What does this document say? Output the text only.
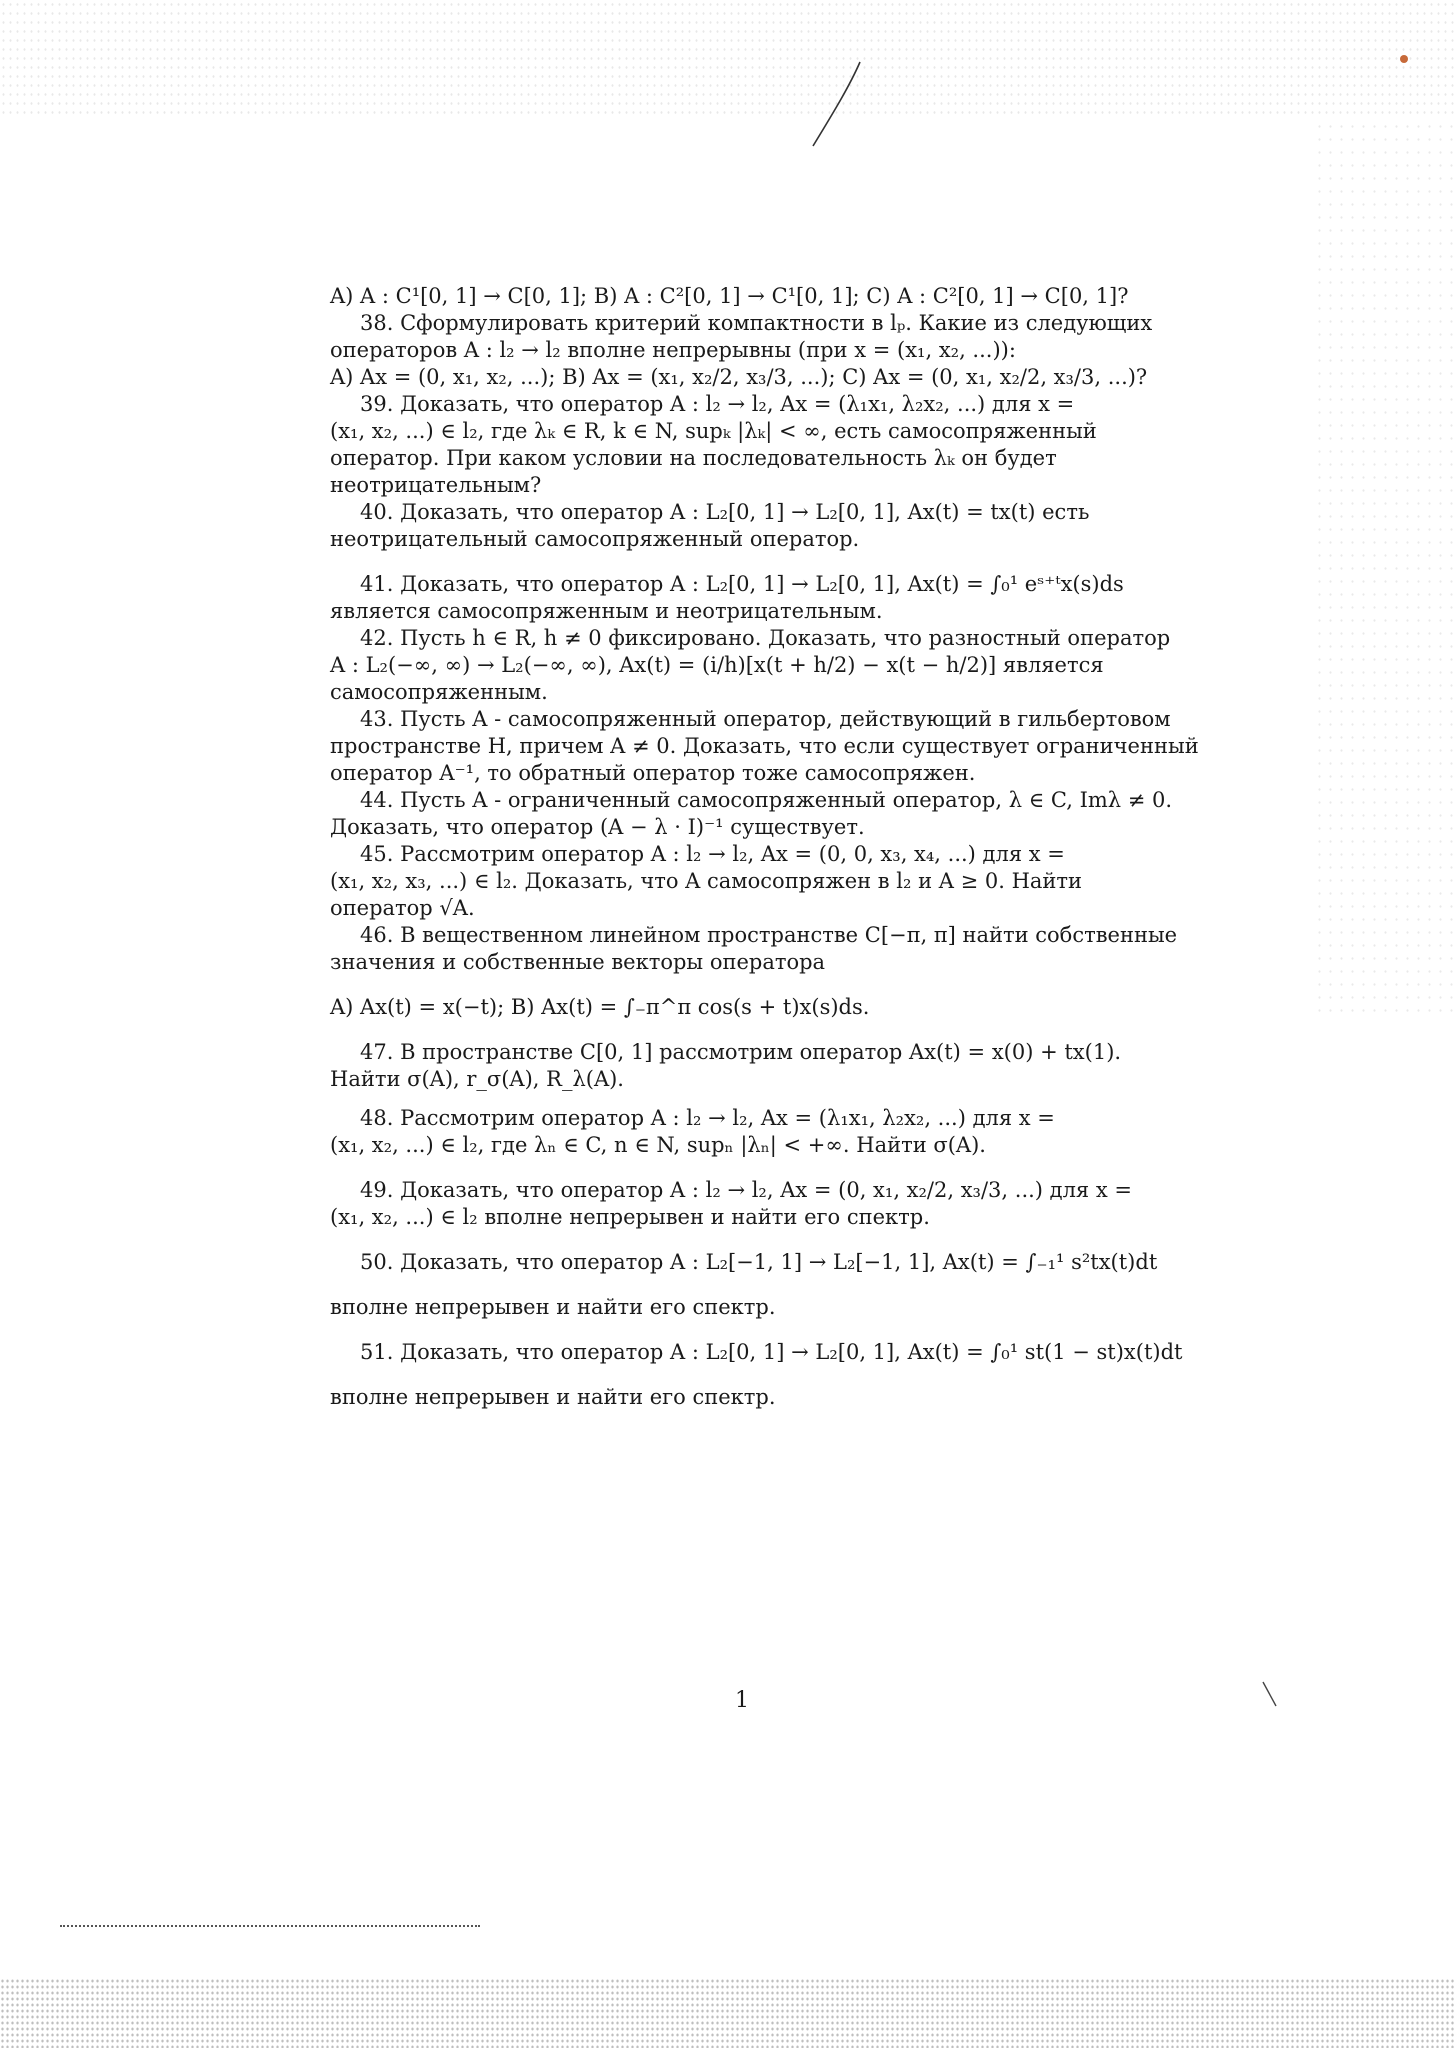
A) A : C¹[0, 1] → C[0, 1]; B) A : C²[0, 1] → C¹[0, 1]; C) A : C²[0, 1] → C[0, 1]?

38. Сформулировать критерий компактности в lₚ. Какие из следующих

операторов A : l₂ → l₂ вполне непрерывны (при x = (x₁, x₂, ...)):

A) Ax = (0, x₁, x₂, ...); B) Ax = (x₁, x₂/2, x₃/3, ...); C) Ax = (0, x₁, x₂/2, x₃/3, ...)?

39. Доказать, что оператор A : l₂ → l₂, Ax = (λ₁x₁, λ₂x₂, ...) для x =

(x₁, x₂, ...) ∈ l₂, где λₖ ∈ R, k ∈ N, supₖ |λₖ| < ∞, есть самосопряженный

оператор. При каком условии на последовательность λₖ он будет неотрицательным?

40. Доказать, что оператор A : L₂[0, 1] → L₂[0, 1], Ax(t) = tx(t) есть

неотрицательный самосопряженный оператор.

41. Доказать, что оператор A : L₂[0, 1] → L₂[0, 1], Ax(t) = ∫₀¹ eˢ⁺ᵗx(s)ds

является самосопряженным и неотрицательным.

42. Пусть h ∈ R, h ≠ 0 фиксировано. Доказать, что разностный оператор

A : L₂(−∞, ∞) → L₂(−∞, ∞), Ax(t) = (i/h)[x(t + h/2) − x(t − h/2)] является

самосопряженным.

43. Пусть A - самосопряженный оператор, действующий в гильбертовом

пространстве H, причем A ≠ 0. Доказать, что если существует ограниченный

оператор A⁻¹, то обратный оператор тоже самосопряжен.

44. Пусть A - ограниченный самосопряженный оператор, λ ∈ C, Imλ ≠ 0.

Доказать, что оператор (A − λ · I)⁻¹ существует.

45. Рассмотрим оператор A : l₂ → l₂, Ax = (0, 0, x₃, x₄, ...) для x =

(x₁, x₂, x₃, ...) ∈ l₂. Доказать, что A самосопряжен в l₂ и A ≥ 0. Найти

оператор √A.

46. В вещественном линейном пространстве C[−π, π] найти собственные

значения и собственные векторы оператора

A) Ax(t) = x(−t); B) Ax(t) = ∫₋π^π cos(s + t)x(s)ds.

47. В пространстве C[0, 1] рассмотрим оператор Ax(t) = x(0) + tx(1).

Найти σ(A), r_σ(A), R_λ(A).

48. Рассмотрим оператор A : l₂ → l₂, Ax = (λ₁x₁, λ₂x₂, ...) для x =

(x₁, x₂, ...) ∈ l₂, где λₙ ∈ C, n ∈ N, supₙ |λₙ| < +∞. Найти σ(A).

49. Доказать, что оператор A : l₂ → l₂, Ax = (0, x₁, x₂/2, x₃/3, ...) для x =

(x₁, x₂, ...) ∈ l₂ вполне непрерывен и найти его спектр.

50. Доказать, что оператор A : L₂[−1, 1] → L₂[−1, 1], Ax(t) = ∫₋₁¹ s²tx(t)dt

вполне непрерывен и найти его спектр.

51. Доказать, что оператор A : L₂[0, 1] → L₂[0, 1], Ax(t) = ∫₀¹ st(1 − st)x(t)dt

вполне непрерывен и найти его спектр.

1
